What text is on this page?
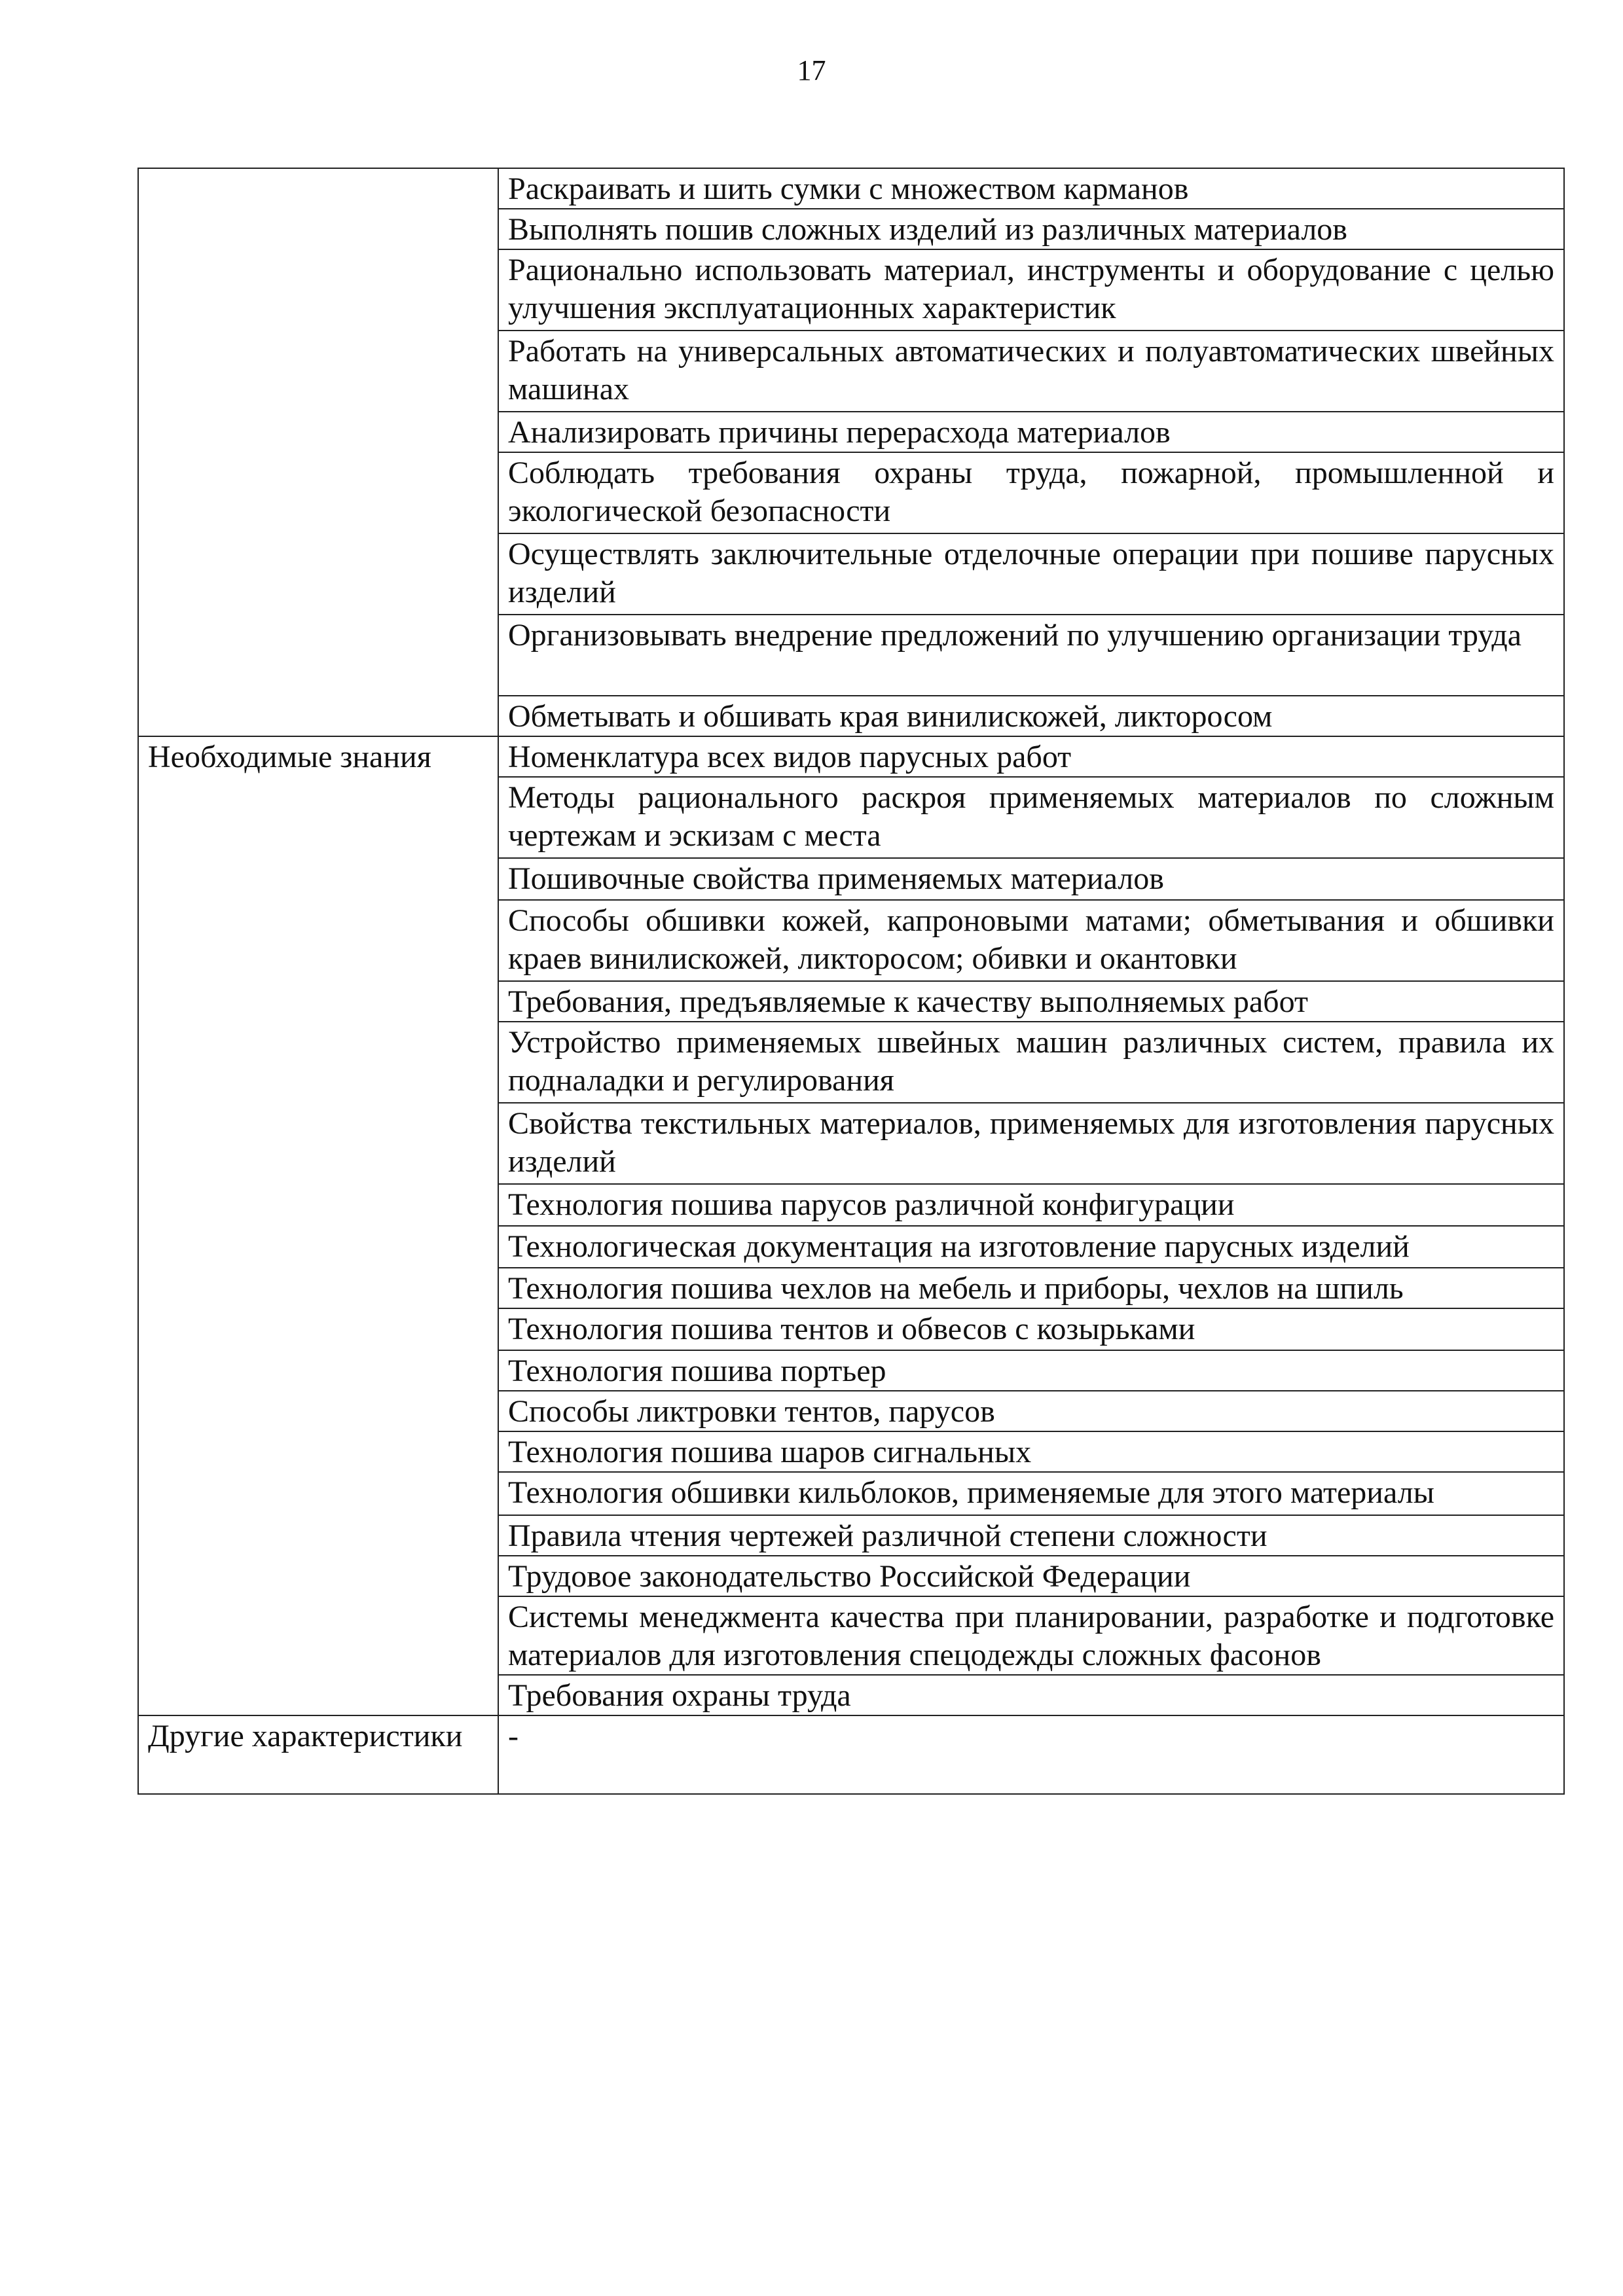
17
	Раскраивать и шить сумки с множеством карманов
	Выполнять пошив сложных изделий из различных материалов
	Рационально использовать материал, инструменты и оборудование с целью улучшения эксплуатационных характеристик
	Работать на универсальных автоматических и полуавтоматических швейных машинах
	Анализировать причины перерасхода материалов
	Соблюдать требования охраны труда, пожарной, промышленной и экологической безопасности
	Осуществлять заключительные отделочные операции при пошиве парусных изделий
	Организовывать внедрение предложений по улучшению организации труда
	Обметывать и обшивать края винилискожей, ликторосом
Необходимые знания	Номенклатура всех видов парусных работ
	Методы рационального раскроя применяемых материалов по сложным чертежам и эскизам с места
	Пошивочные свойства применяемых материалов
	Способы обшивки кожей, капроновыми матами; обметывания и обшивки краев винилискожей, ликторосом; обивки и окантовки
	Требования, предъявляемые к качеству выполняемых работ
	Устройство применяемых швейных машин различных систем, правила их подналадки и регулирования
	Свойства текстильных материалов, применяемых для изготовления парусных изделий
	Технология пошива парусов различной конфигурации
	Технологическая документация на изготовление парусных изделий
	Технология пошива чехлов на мебель и приборы, чехлов на шпиль
	Технология пошива тентов и обвесов с козырьками
	Технология пошива портьер
	Способы ликтровки тентов, парусов
	Технология пошива шаров сигнальных
	Технология обшивки кильблоков, применяемые для этого материалы
	Правила чтения чертежей различной степени сложности
	Трудовое законодательство Российской Федерации
	Системы менеджмента качества при планировании, разработке и подготовке материалов для изготовления спецодежды сложных фасонов
	Требования охраны труда
Другие характеристики	-
